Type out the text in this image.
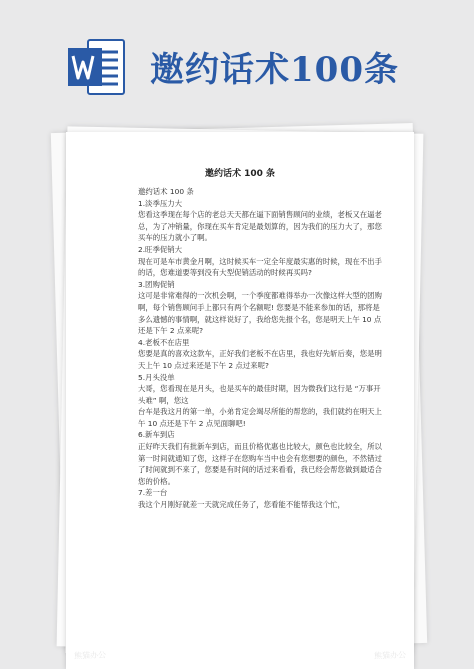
邀约话术100条
邀约话术 100 条

邀约话术 100 条

1.淡季压力大

您看这季现在每个店的老总天天都在逼下面销售顾问的业绩，老板又在逼老总，为了冲销量，你现在买车肯定是最划算的，因为我们的压力大了，那您买车的压力就小了啊。

2.旺季促销大

现在可是车市黄金月啊，这时候买车一定全年度最实惠的时候，现在不出手的话，您难道要等到没有大型促销活动的时候再买吗?

3.团购促销

这可是非常难得的一次机会啊，一个季度都难得举办一次像这样大型的团购啊，每个销售顾问手上都只有两个名额呢! 您要是不能来参加的话，那将是多么遗憾的事情啊，就这样说好了，我给您先报个名，您是明天上午 10 点还是下午 2 点来呢?

4.老板不在店里

您要是真的喜欢这款车，正好我们老板不在店里，我也好先斩后奏，您是明天上午 10 点过来还是下午 2 点过来呢?

5.月头没单

大哥，您看现在是月头，也是买车的最佳时期，因为微我们这行是 “万事开头难” 啊，您这

台车是我这月的第一单，小弟肯定会竭尽所能的帮您的，我们就约在明天上午 10 点还是下午 2 点见面聊吧!

6.新车到店

正好昨天我们有批新车到店，而且价格优惠也比较大，颜色也比较全，所以第一时间就通知了您，这样子在您购车当中也会有您想要的颜色，不然错过了时间就到不来了，您要是有时间的话过来看看，我已经会帮您做到最适合您的价格。

7.差一台

我这个月刚好就差一天就完成任务了，您看能不能帮我这个忙，

熊猫办公	熊猫办公
